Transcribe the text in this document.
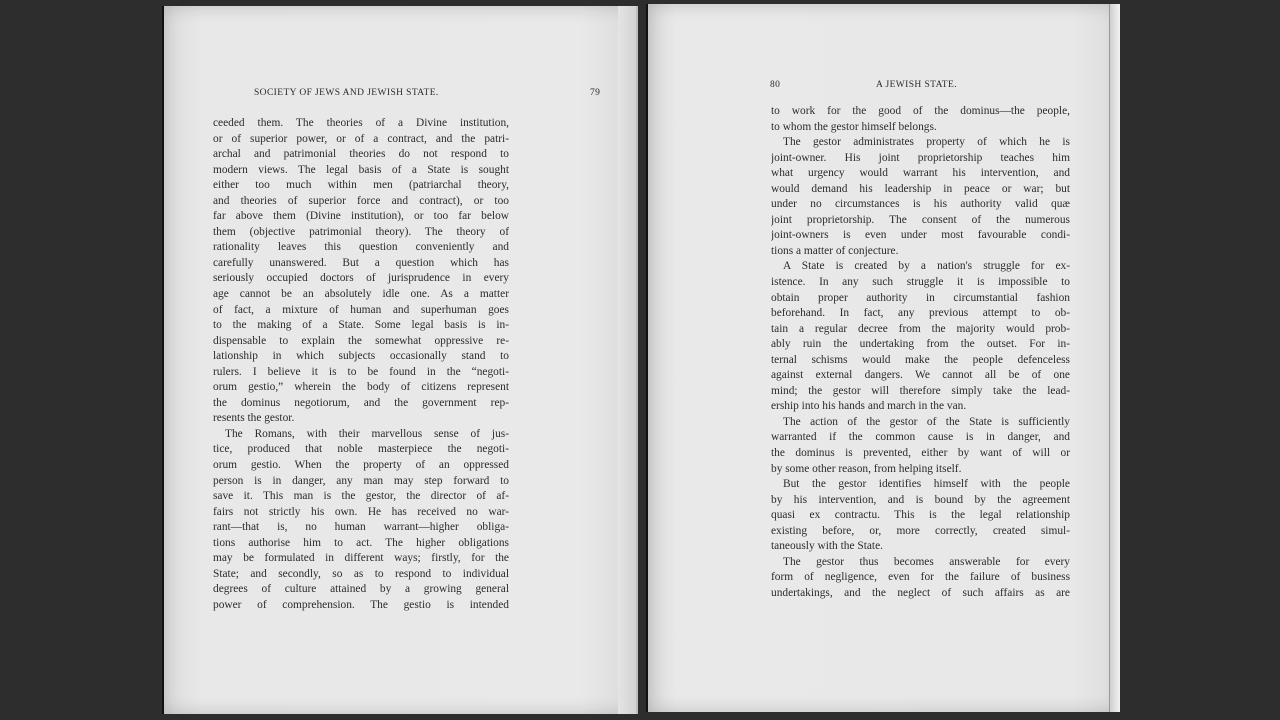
SOCIETY OF JEWS AND JEWISH STATE.	79
ceeded them. The theories of a Divine institution,
or of superior power, or of a contract, and the patri-
archal and patrimonial theories do not respond to
modern views. The legal basis of a State is sought
either too much within men (patriarchal theory,
and theories of superior force and contract), or too
far above them (Divine institution), or too far below
them (objective patrimonial theory). The theory of
rationality leaves this question conveniently and
carefully unanswered. But a question which has
seriously occupied doctors of jurisprudence in every
age cannot be an absolutely idle one. As a matter
of fact, a mixture of human and superhuman goes
to the making of a State. Some legal basis is in-
dispensable to explain the somewhat oppressive re-
lationship in which subjects occasionally stand to
rulers. I believe it is to be found in the “negoti-
orum gestio,” wherein the body of citizens represent
the dominus negotiorum, and the government rep-
resents the gestor.
The Romans, with their marvellous sense of jus-
tice, produced that noble masterpiece the negoti-
orum gestio. When the property of an oppressed
person is in danger, any man may step forward to
save it. This man is the gestor, the director of af-
fairs not strictly his own. He has received no war-
rant—that is, no human warrant—higher obliga-
tions authorise him to act. The higher obligations
may be formulated in different ways; firstly, for the
State; and secondly, so as to respond to individual
degrees of culture attained by a growing general
power of comprehension. The gestio is intended
80	A JEWISH STATE.
to work for the good of the dominus—the people,
to whom the gestor himself belongs.
The gestor administrates property of which he is
joint-owner. His joint proprietorship teaches him
what urgency would warrant his intervention, and
would demand his leadership in peace or war; but
under no circumstances is his authority valid quæ
joint proprietorship. The consent of the numerous
joint-owners is even under most favourable condi-
tions a matter of conjecture.
A State is created by a nation's struggle for ex-
istence. In any such struggle it is impossible to
obtain proper authority in circumstantial fashion
beforehand. In fact, any previous attempt to ob-
tain a regular decree from the majority would prob-
ably ruin the undertaking from the outset. For in-
ternal schisms would make the people defenceless
against external dangers. We cannot all be of one
mind; the gestor will therefore simply take the lead-
ership into his hands and march in the van.
The action of the gestor of the State is sufficiently
warranted if the common cause is in danger, and
the dominus is prevented, either by want of will or
by some other reason, from helping itself.
But the gestor identifies himself with the people
by his intervention, and is bound by the agreement
quasi ex contractu. This is the legal relationship
existing before, or, more correctly, created simul-
taneously with the State.
The gestor thus becomes answerable for every
form of negligence, even for the failure of business
undertakings, and the neglect of such affairs as are
